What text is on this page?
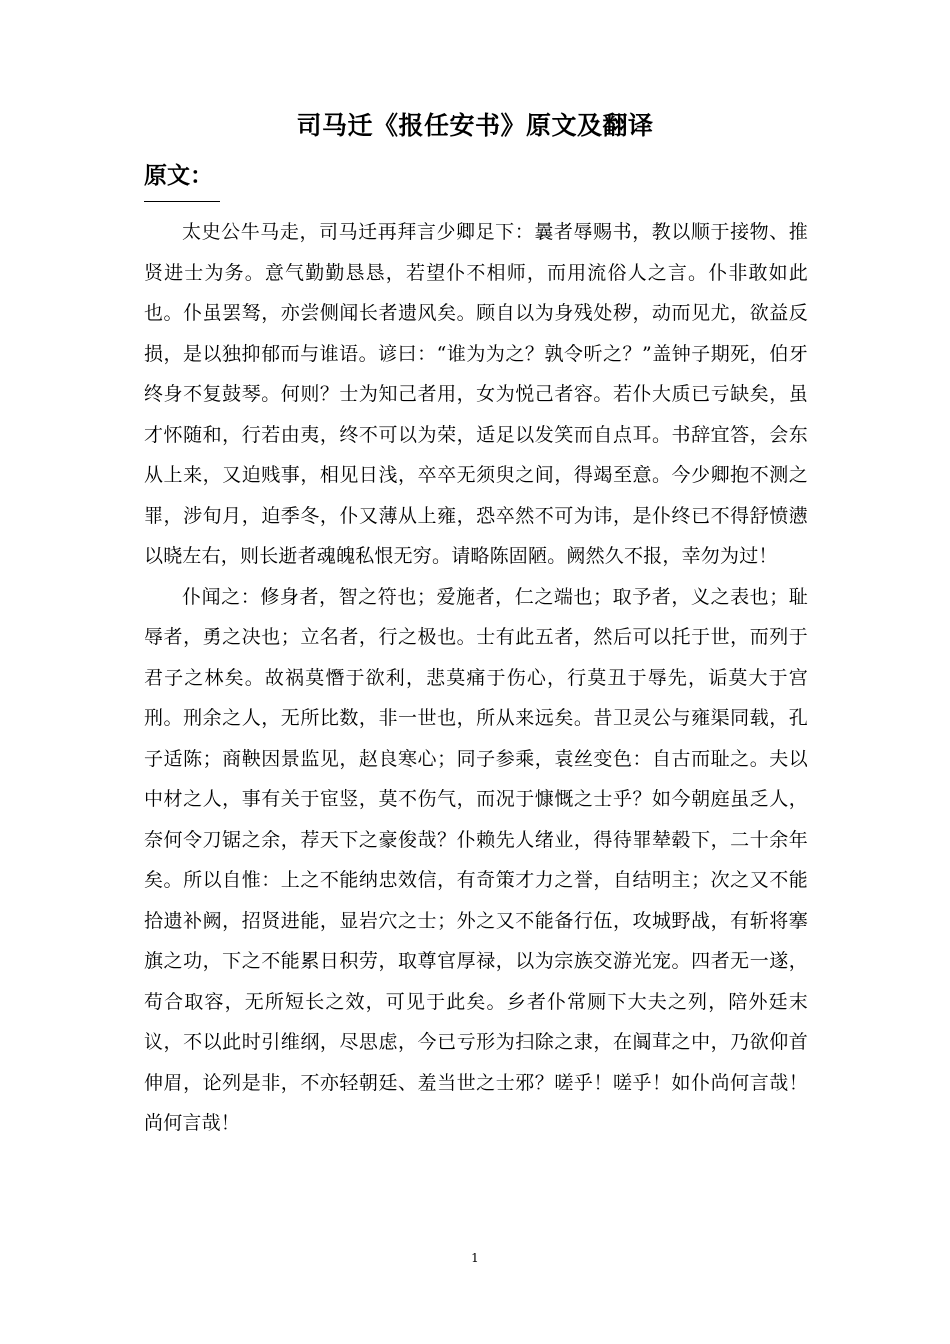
司马迁《报任安书》原文及翻译
原文：

太史公牛马走，司马迁再拜言少卿足下：曩者辱赐书，教以顺于接物、推贤进士为务。意气勤勤恳恳，若望仆不相师，而用流俗人之言。仆非敢如此也。仆虽罢驽，亦尝侧闻长者遗风矣。顾自以为身残处秽，动而见尤，欲益反损，是以独抑郁而与谁语。谚曰：“谁为为之？孰令听之？”盖钟子期死，伯牙终身不复鼓琴。何则？士为知己者用，女为悦己者容。若仆大质已亏缺矣，虽才怀随和，行若由夷，终不可以为荣，适足以发笑而自点耳。书辞宜答，会东从上来，又迫贱事，相见日浅，卒卒无须臾之间，得竭至意。今少卿抱不测之罪，涉旬月，迫季冬，仆又薄从上雍，恐卒然不可为讳，是仆终已不得舒愤懑以晓左右，则长逝者魂魄私恨无穷。请略陈固陋。阙然久不报，幸勿为过！

仆闻之：修身者，智之符也；爱施者，仁之端也；取予者，义之表也；耻辱者，勇之决也；立名者，行之极也。士有此五者，然后可以托于世，而列于君子之林矣。故祸莫憯于欲利，悲莫痛于伤心，行莫丑于辱先，诟莫大于宫刑。刑余之人，无所比数，非一世也，所从来远矣。昔卫灵公与雍渠同载，孔子适陈；商鞅因景监见，赵良寒心；同子参乘，袁丝变色：自古而耻之。夫以中材之人，事有关于宦竖，莫不伤气，而况于慷慨之士乎？如今朝庭虽乏人，奈何令刀锯之余，荐天下之豪俊哉？仆赖先人绪业，得待罪辇毂下，二十余年矣。所以自惟：上之不能纳忠效信，有奇策才力之誉，自结明主；次之又不能拾遗补阙，招贤进能，显岩穴之士；外之又不能备行伍，攻城野战，有斩将搴旗之功，下之不能累日积劳，取尊官厚禄，以为宗族交游光宠。四者无一遂，苟合取容，无所短长之效，可见于此矣。乡者仆常厕下大夫之列，陪外廷末议，不以此时引维纲，尽思虑，今已亏形为扫除之隶，在阘茸之中，乃欲仰首伸眉，论列是非，不亦轻朝廷、羞当世之士邪？嗟乎！嗟乎！如仆尚何言哉！尚何言哉！

1
